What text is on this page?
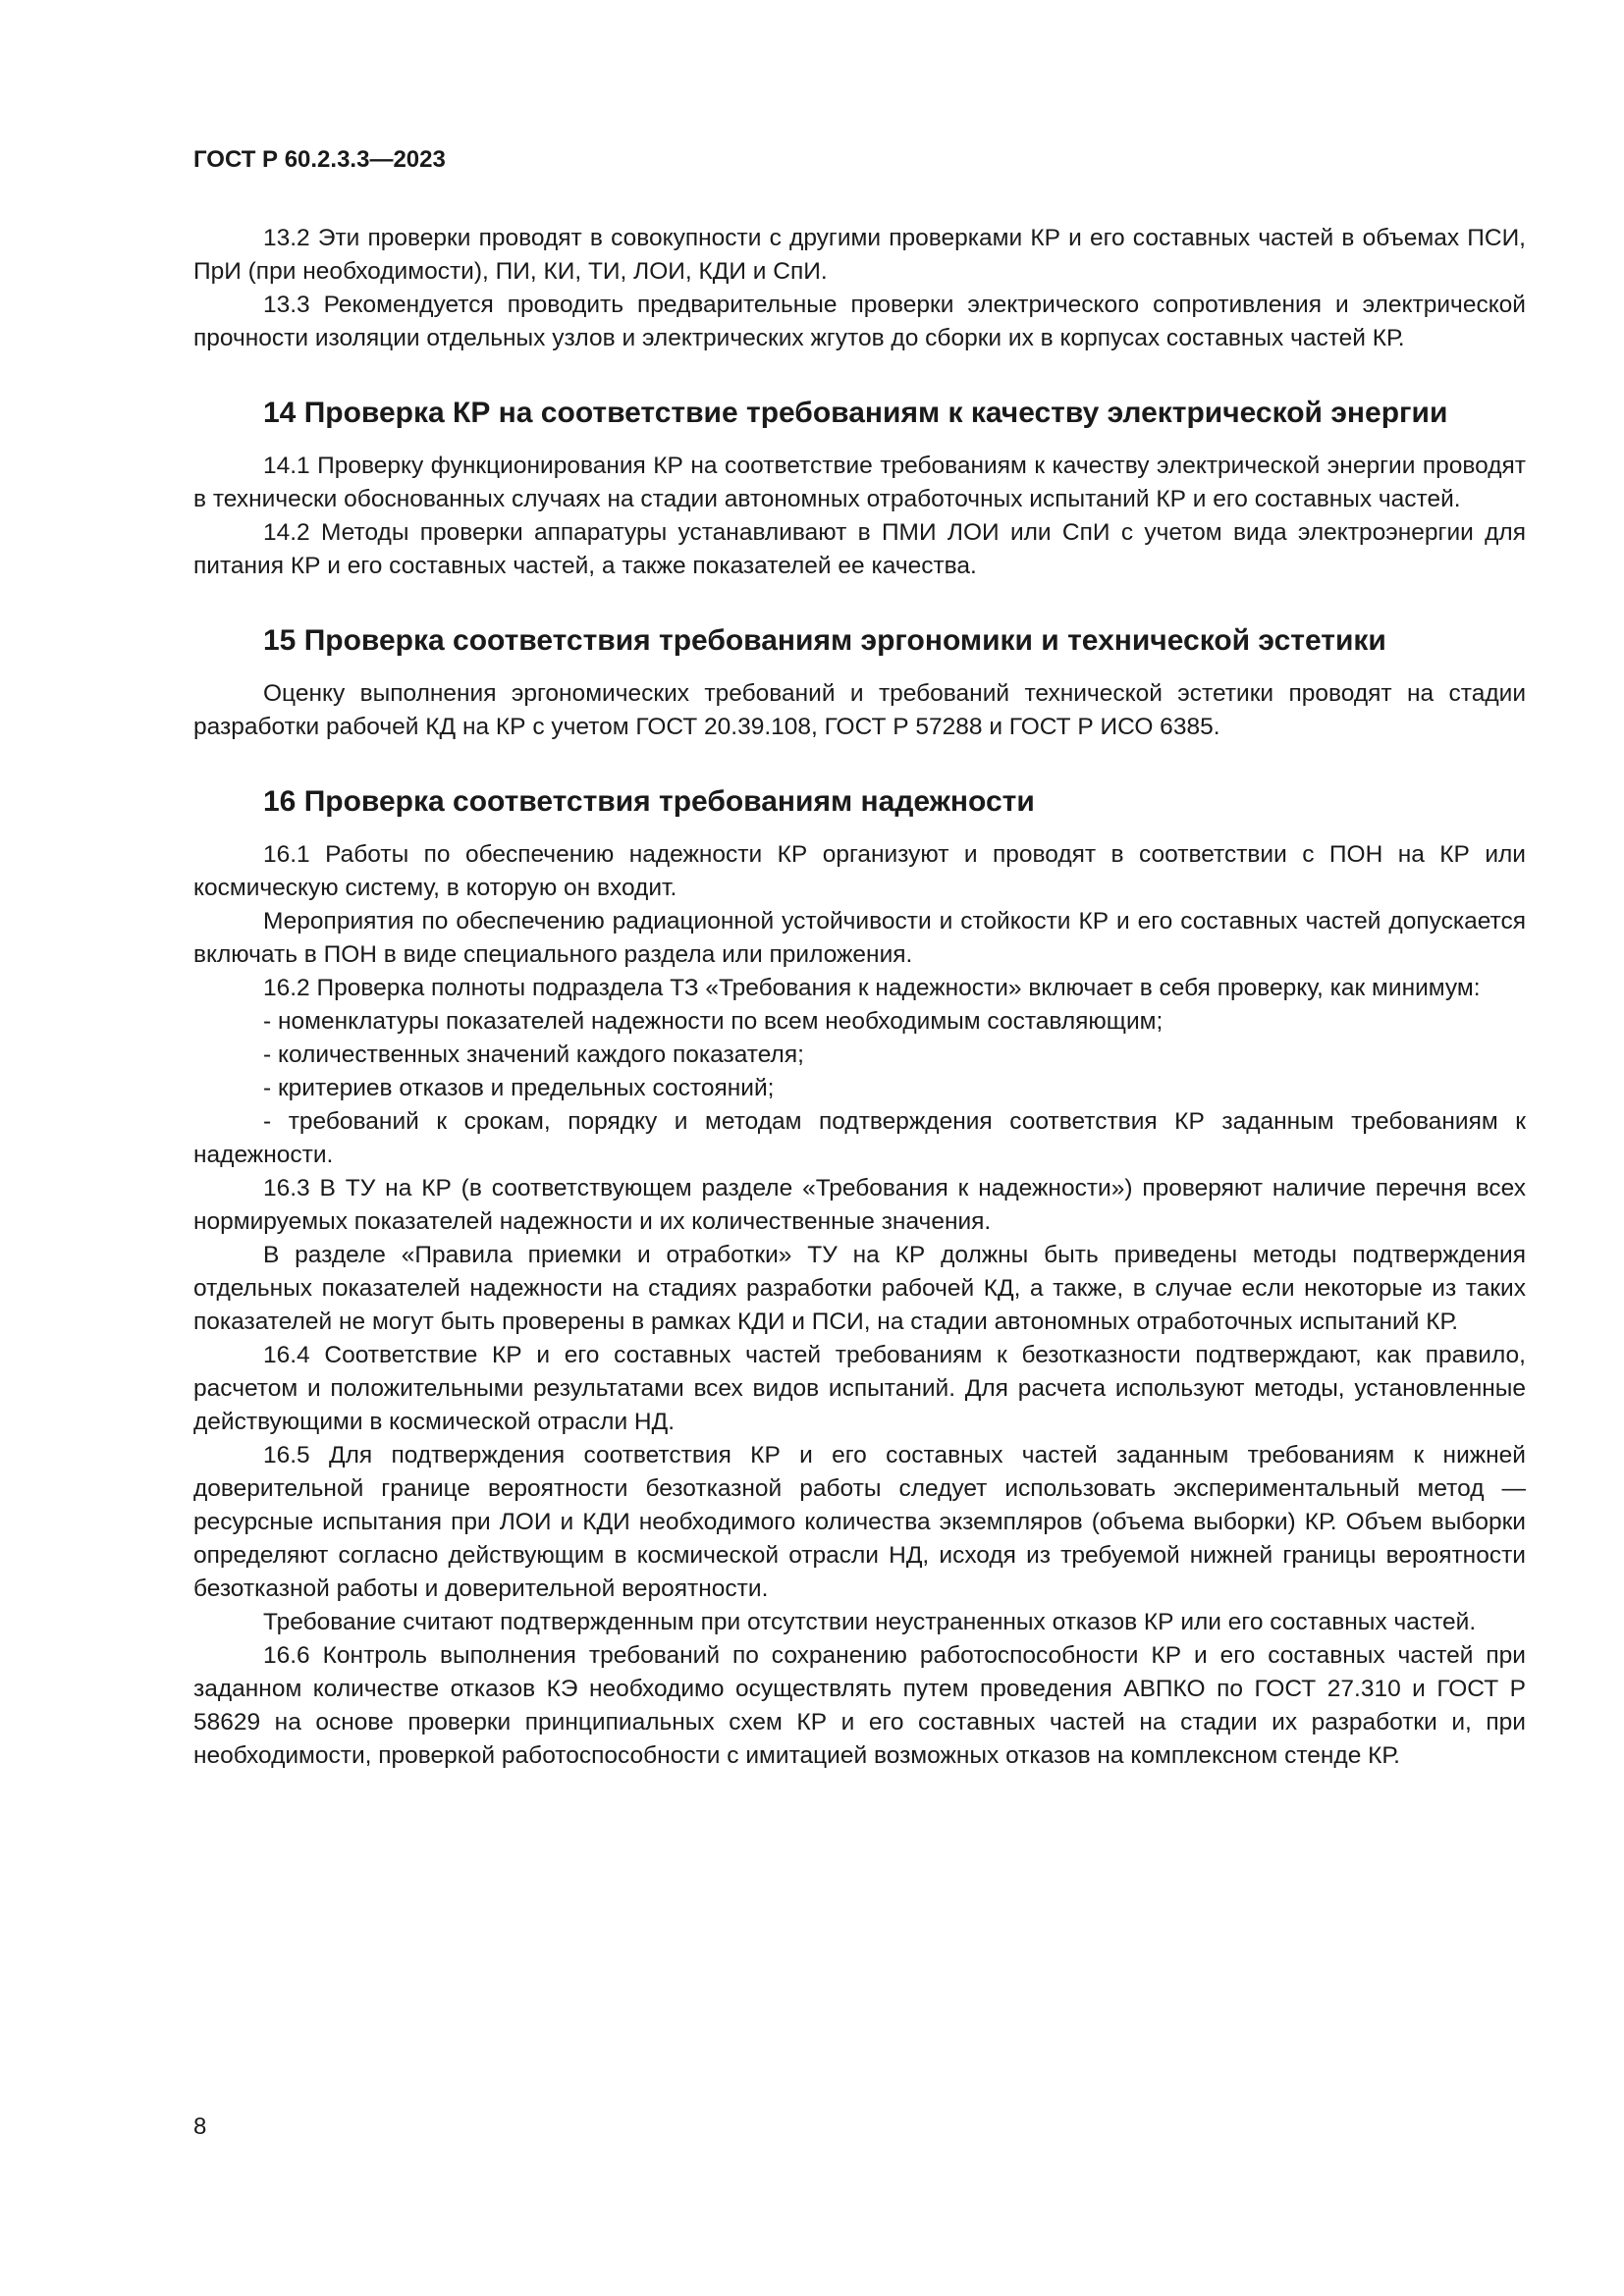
ГОСТ Р 60.2.3.3—2023

13.2 Эти проверки проводят в совокупности с другими проверками КР и его составных частей в объемах ПСИ, ПрИ (при необходимости), ПИ, КИ, ТИ, ЛОИ, КДИ и СпИ.

13.3 Рекомендуется проводить предварительные проверки электрического сопротивления и электрической прочности изоляции отдельных узлов и электрических жгутов до сборки их в корпусах составных частей КР.

14 Проверка КР на соответствие требованиям к качеству электрической энергии

14.1 Проверку функционирования КР на соответствие требованиям к качеству электрической энергии проводят в технически обоснованных случаях на стадии автономных отработочных испытаний КР и его составных частей.

14.2 Методы проверки аппаратуры устанавливают в ПМИ ЛОИ или СпИ с учетом вида электроэнергии для питания КР и его составных частей, а также показателей ее качества.

15 Проверка соответствия требованиям эргономики и технической эстетики

Оценку выполнения эргономических требований и требований технической эстетики проводят на стадии разработки рабочей КД на КР с учетом ГОСТ 20.39.108, ГОСТ Р 57288 и ГОСТ Р ИСО 6385.

16 Проверка соответствия требованиям надежности

16.1 Работы по обеспечению надежности КР организуют и проводят в соответствии с ПОН на КР или космическую систему, в которую он входит.

Мероприятия по обеспечению радиационной устойчивости и стойкости КР и его составных частей допускается включать в ПОН в виде специального раздела или приложения.

16.2 Проверка полноты подраздела ТЗ «Требования к надежности» включает в себя проверку, как минимум:

- номенклатуры показателей надежности по всем необходимым составляющим;

- количественных значений каждого показателя;

- критериев отказов и предельных состояний;

- требований к срокам, порядку и методам подтверждения соответствия КР заданным требованиям к надежности.

16.3 В ТУ на КР (в соответствующем разделе «Требования к надежности») проверяют наличие перечня всех нормируемых показателей надежности и их количественные значения.

В разделе «Правила приемки и отработки» ТУ на КР должны быть приведены методы подтверждения отдельных показателей надежности на стадиях разработки рабочей КД, а также, в случае если некоторые из таких показателей не могут быть проверены в рамках КДИ и ПСИ, на стадии автономных отработочных испытаний КР.

16.4 Соответствие КР и его составных частей требованиям к безотказности подтверждают, как правило, расчетом и положительными результатами всех видов испытаний. Для расчета используют методы, установленные действующими в космической отрасли НД.

16.5 Для подтверждения соответствия КР и его составных частей заданным требованиям к нижней доверительной границе вероятности безотказной работы следует использовать экспериментальный метод — ресурсные испытания при ЛОИ и КДИ необходимого количества экземпляров (объема выборки) КР. Объем выборки определяют согласно действующим в космической отрасли НД, исходя из требуемой нижней границы вероятности безотказной работы и доверительной вероятности.

Требование считают подтвержденным при отсутствии неустраненных отказов КР или его составных частей.

16.6 Контроль выполнения требований по сохранению работоспособности КР и его составных частей при заданном количестве отказов КЭ необходимо осуществлять путем проведения АВПКО по ГОСТ 27.310 и ГОСТ Р 58629 на основе проверки принципиальных схем КР и его составных частей на стадии их разработки и, при необходимости, проверкой работоспособности с имитацией возможных отказов на комплексном стенде КР.

8
